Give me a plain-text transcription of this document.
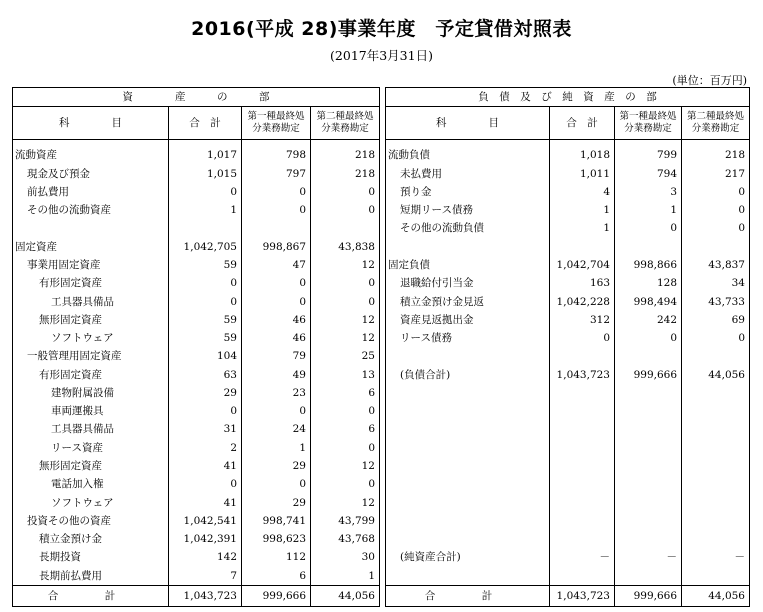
2016(平成 28)事業年度　予定貸借対照表
(2017年3月31日)
(単位：百万円)
資　　　　産　　　の　　　部			
科　　　　目	合　計	第一種最終処分業務勘定	第二種最終処分業務勘定
流動資産	1,017	798	218
現金及び預金	1,015	797	218
前払費用	0	0	0
その他の流動資産	1	0	0

固定資産	1,042,705	998,867	43,838
事業用固定資産	59	47	12
有形固定資産	0	0	0
工具器具備品	0	0	0
無形固定資産	59	46	12
ソフトウェア	59	46	12
一般管理用固定資産	104	79	25
有形固定資産	63	49	13
建物附属設備	29	23	6
車両運搬具	0	0	0
工具器具備品	31	24	6
リース資産	2	1	0
無形固定資産	41	29	12
電話加入権	0	0	0
ソフトウェア	41	29	12
投資その他の資産	1,042,541	998,741	43,799
積立金預け金	1,042,391	998,623	43,768
長期投資	142	112	30
長期前払費用	7	6	1

合　計	1,043,723	999,666	44,056
負　債　及　び　純　資　産　の　部			
科　　　　目	合　計	第一種最終処分業務勘定	第二種最終処分業務勘定
流動負債	1,018	799	218
未払費用	1,011	794	217
預り金	4	3	0
短期リース債務	1	1	0
その他の流動負債	1	0	0

固定負債	1,042,704	998,866	43,837
退職給付引当金	163	128	34
積立金預け金見返	1,042,228	998,494	43,733
資産見返拠出金	312	242	69
リース債務	0	0	0

(負債合計)	1,043,723	999,666	44,056

(純資産合計)	－	－	－

合　計	1,043,723	999,666	44,056
